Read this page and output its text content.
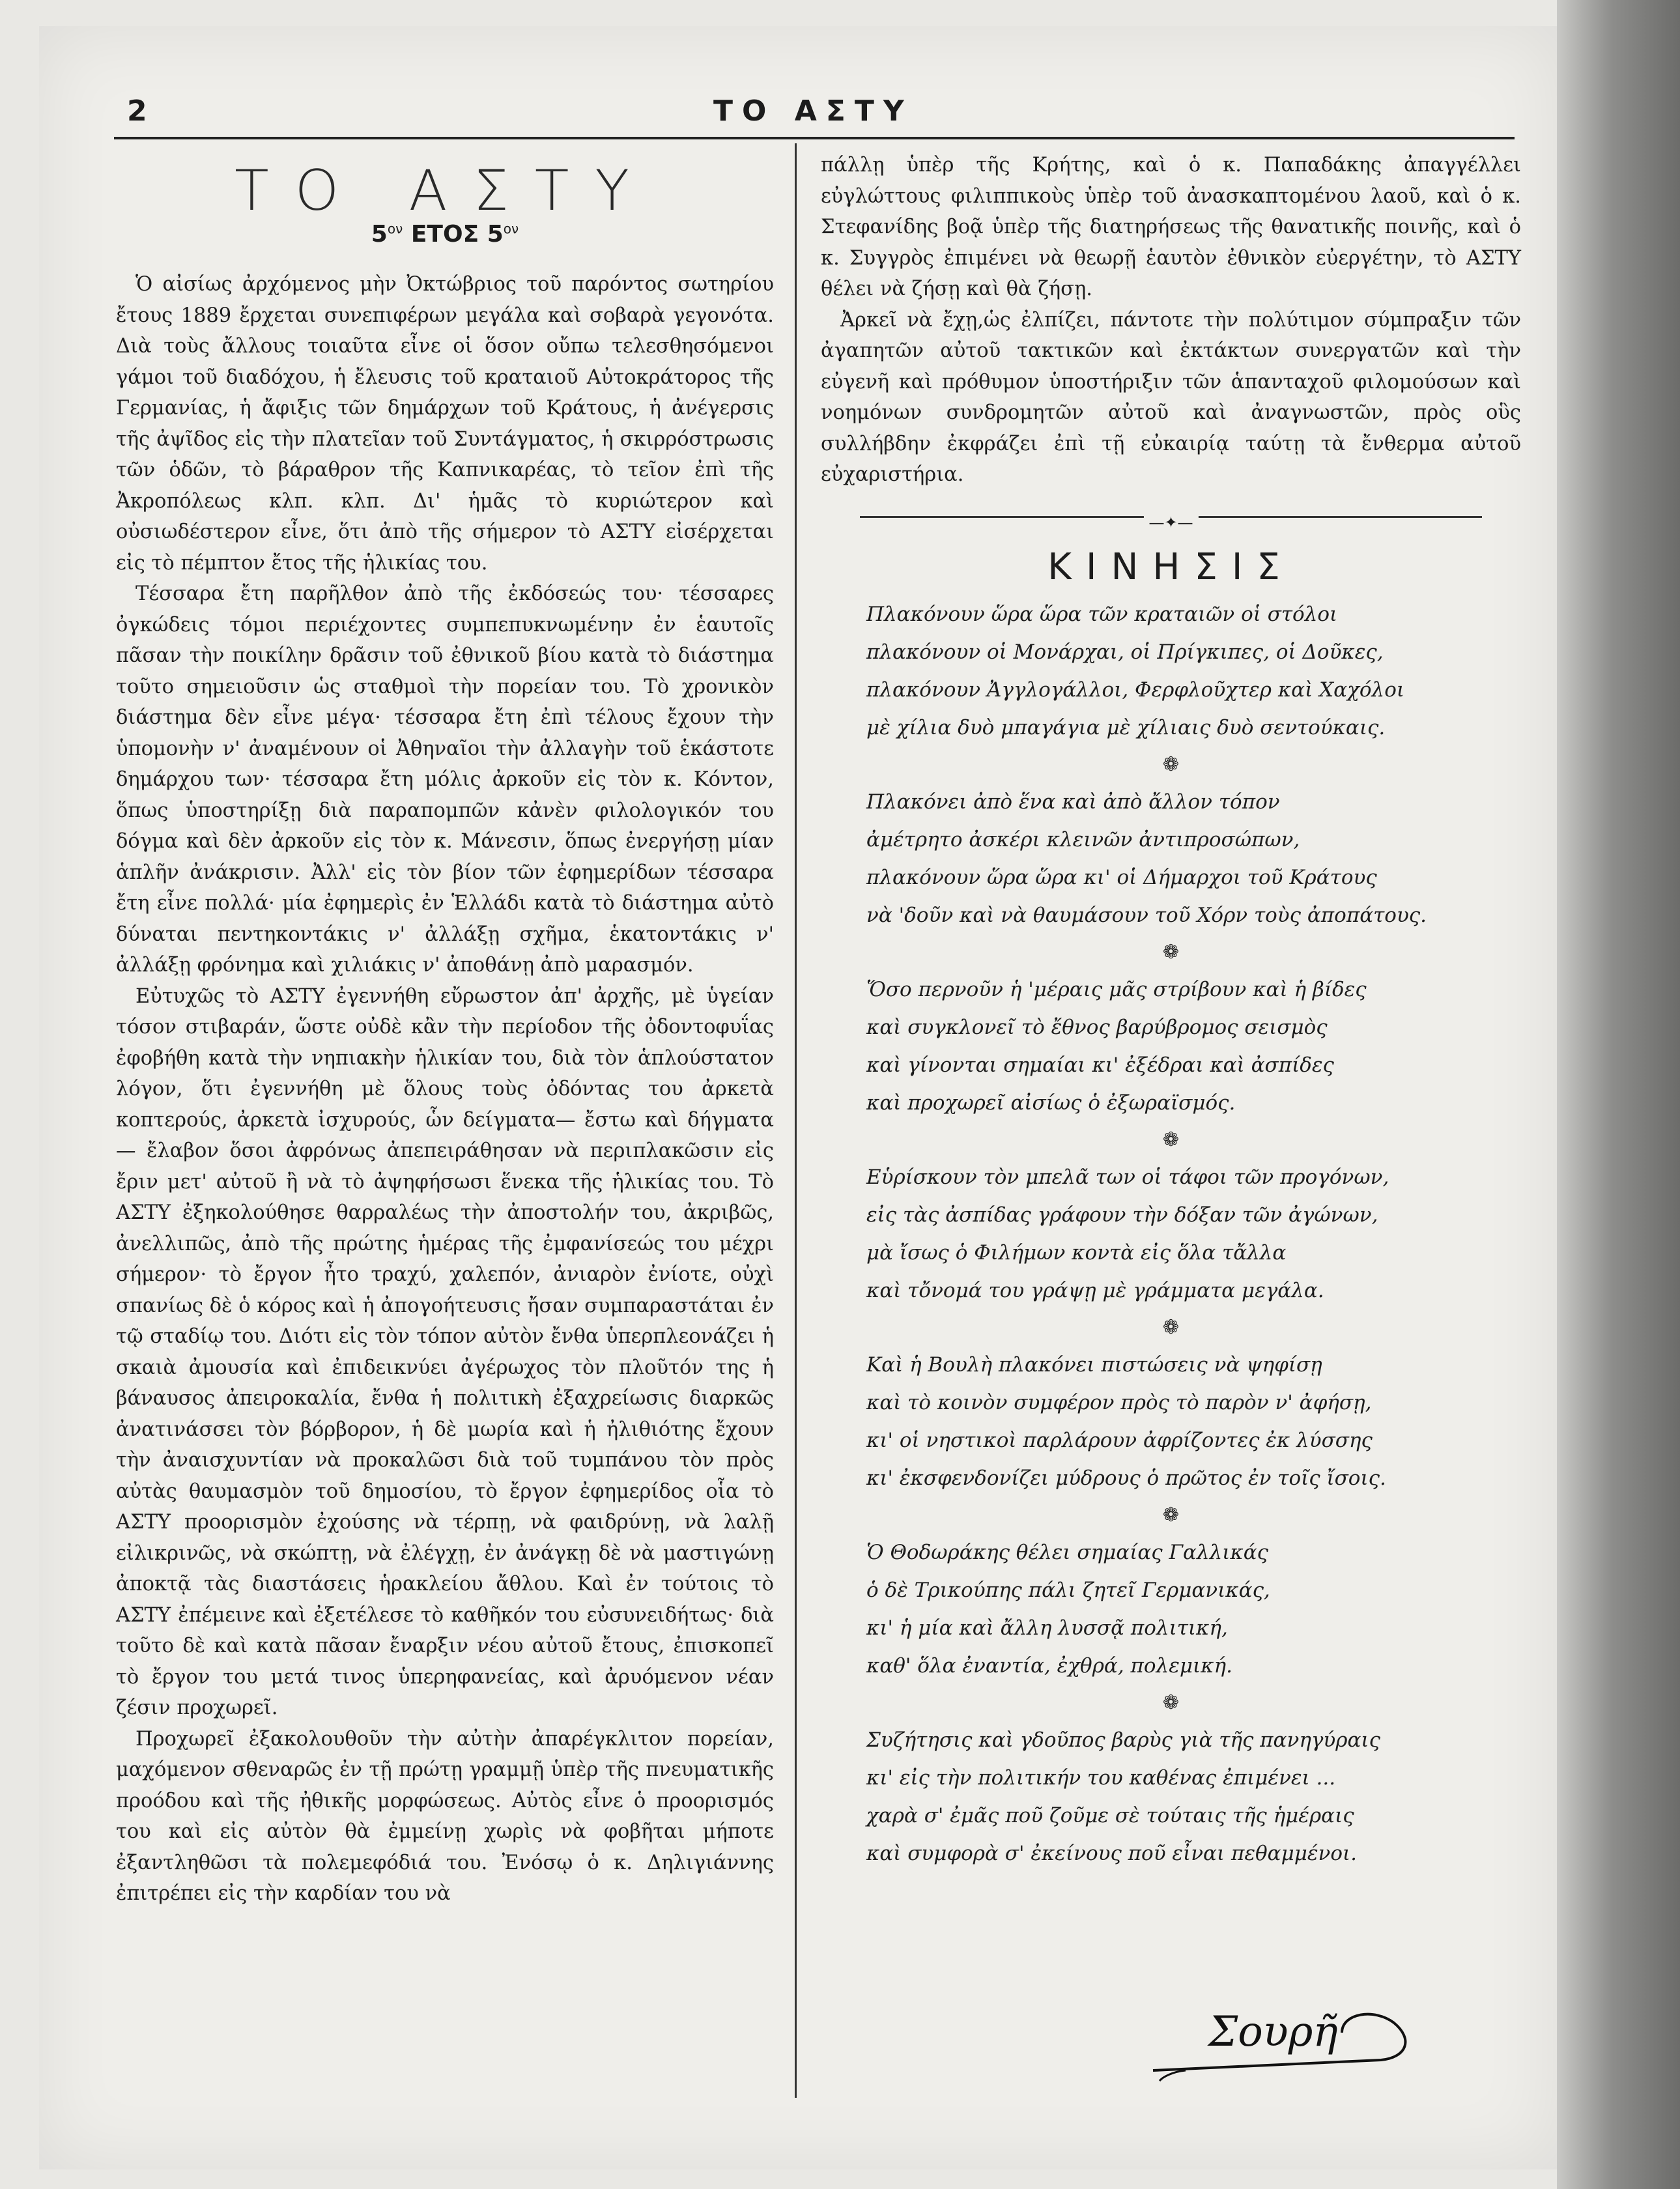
2	ΤΟ ΑΣΤΥ
ΤΟ ΑΣΤΥ
$5^{o\nu}$ ΕΤΟΣ $5^{o\nu}$

Ὁ αἰσίως ἀρχόμενος μὴν Ὀκτώβριος τοῦ παρόντος σωτηρίου ἔτους 1889 ἔρχεται συνεπιφέρων μεγάλα καὶ σοβαρὰ γεγονότα. Διὰ τοὺς ἄλλους τοιαῦτα εἶνε οἱ ὅσον οὔπω τελεσθησόμενοι γάμοι τοῦ διαδόχου, ἡ ἔλευσις τοῦ κραταιοῦ Αὐτοκράτορος τῆς Γερμανίας, ἡ ἄφιξις τῶν δημάρχων τοῦ Κράτους, ἡ ἀνέγερσις τῆς ἀψῖδος εἰς τὴν πλατεῖαν τοῦ Συντάγματος, ἡ σκιρρόστρωσις τῶν ὁδῶν, τὸ βάραθρον τῆς Καπνικαρέας, τὸ τεῖον ἐπὶ τῆς Ἀκροπόλεως κλπ. κλπ. Δι' ἡμᾶς τὸ κυριώτερον καὶ οὐσιωδέστερον εἶνε, ὅτι ἀπὸ τῆς σήμερον τὸ ΑΣΤΥ εἰσέρχεται εἰς τὸ πέμπτον ἔτος τῆς ἡλικίας του.

Τέσσαρα ἔτη παρῆλθον ἀπὸ τῆς ἐκδόσεώς του· τέσσαρες ὀγκώδεις τόμοι περιέχοντες συμπεπυκνωμένην ἐν ἑαυτοῖς πᾶσαν τὴν ποικίλην δρᾶσιν τοῦ ἐθνικοῦ βίου κατὰ τὸ διάστημα τοῦτο σημειοῦσιν ὡς σταθμοὶ τὴν πορείαν του. Τὸ χρονικὸν διάστημα δὲν εἶνε μέγα· τέσσαρα ἔτη ἐπὶ τέλους ἔχουν τὴν ὑπομονὴν ν' ἀναμένουν οἱ Ἀθηναῖοι τὴν ἀλλαγὴν τοῦ ἑκάστοτε δημάρχου των· τέσσαρα ἔτη μόλις ἀρκοῦν εἰς τὸν κ. Κόντον, ὅπως ὑποστηρίξῃ διὰ παραπομπῶν κἀνὲν φιλολογικόν του δόγμα καὶ δὲν ἀρκοῦν εἰς τὸν κ. Μάνεσιν, ὅπως ἐνεργήσῃ μίαν ἁπλῆν ἀνάκρισιν. Ἀλλ' εἰς τὸν βίον τῶν ἐφημερίδων τέσσαρα ἔτη εἶνε πολλά· μία ἐφημερὶς ἐν Ἑλλάδι κατὰ τὸ διάστημα αὐτὸ δύναται πεντηκοντάκις ν' ἀλλάξῃ σχῆμα, ἑκατοντάκις ν' ἀλλάξῃ φρόνημα καὶ χιλιάκις ν' ἀποθάνῃ ἀπὸ μαρασμόν.

Εὐτυχῶς τὸ ΑΣΤΥ ἐγεννήθη εὔρωστον ἀπ' ἀρχῆς, μὲ ὑγείαν τόσον στιβαράν, ὥστε οὐδὲ κἂν τὴν περίοδον τῆς ὀδοντοφυΐας ἐφοβήθη κατὰ τὴν νηπιακὴν ἡλικίαν του, διὰ τὸν ἁπλούστατον λόγον, ὅτι ἐγεννήθη μὲ ὅλους τοὺς ὀδόντας του ἀρκετὰ κοπτερούς, ἀρκετὰ ἰσχυρούς, ὧν δείγματα— ἔστω καὶ δήγματα — ἔλαβον ὅσοι ἀφρόνως ἀπεπειράθησαν νὰ περιπλακῶσιν εἰς ἔριν μετ' αὐτοῦ ἢ νὰ τὸ ἀψηφήσωσι ἕνεκα τῆς ἡλικίας του. Τὸ ΑΣΤΥ ἐξηκολούθησε θαρραλέως τὴν ἀποστολήν του, ἀκριβῶς, ἀνελλιπῶς, ἀπὸ τῆς πρώτης ἡμέρας τῆς ἐμφανίσεώς του μέχρι σήμερον· τὸ ἔργον ἦτο τραχύ, χαλεπόν, ἀνιαρὸν ἐνίοτε, οὐχὶ σπανίως δὲ ὁ κόρος καὶ ἡ ἀπογοήτευσις ἤσαν συμπαραστάται ἐν τῷ σταδίῳ του. Διότι εἰς τὸν τόπον αὐτὸν ἔνθα ὑπερπλεονάζει ἡ σκαιὰ ἀμουσία καὶ ἐπιδεικνύει ἀγέρωχος τὸν πλοῦτόν της ἡ βάναυσος ἀπειροκαλία, ἔνθα ἡ πολιτικὴ ἐξαχρείωσις διαρκῶς ἀνατινάσσει τὸν βόρβορον, ἡ δὲ μωρία καὶ ἡ ἠλιθιότης ἔχουν τὴν ἀναισχυντίαν νὰ προκαλῶσι διὰ τοῦ τυμπάνου τὸν πρὸς αὐτὰς θαυμασμὸν τοῦ δημοσίου, τὸ ἔργον ἐφημερίδος οἷα τὸ ΑΣΤΥ προορισμὸν ἐχούσης νὰ τέρπῃ, νὰ φαιδρύνῃ, νὰ λαλῇ εἰλικρινῶς, νὰ σκώπτῃ, νὰ ἐλέγχῃ, ἐν ἀνάγκῃ δὲ νὰ μαστιγώνῃ ἀποκτᾷ τὰς διαστάσεις ἡρακλείου ἄθλου. Καὶ ἐν τούτοις τὸ ΑΣΤΥ ἐπέμεινε καὶ ἐξετέλεσε τὸ καθῆκόν του εὐσυνειδήτως· διὰ τοῦτο δὲ καὶ κατὰ πᾶσαν ἔναρξιν νέου αὐτοῦ ἔτους, ἐπισκοπεῖ τὸ ἔργον του μετά τινος ὑπερηφανείας, καὶ ἀρυόμενον νέαν ζέσιν προχωρεῖ.

Προχωρεῖ ἐξακολουθοῦν τὴν αὐτὴν ἀπαρέγκλιτον πορείαν, μαχόμενον σθεναρῶς ἐν τῇ πρώτῃ γραμμῇ ὑπὲρ τῆς πνευματικῆς προόδου καὶ τῆς ἠθικῆς μορφώσεως. Αὐτὸς εἶνε ὁ προορισμός του καὶ εἰς αὐτὸν θὰ ἐμμείνῃ χωρὶς νὰ φοβῆται μήποτε ἐξαντληθῶσι τὰ πολεμεφόδιά του. Ἐνόσῳ ὁ κ. Δηλιγιάννης ἐπιτρέπει εἰς τὴν καρδίαν του νὰ

πάλλῃ ὑπὲρ τῆς Κρήτης, καὶ ὁ κ. Παπαδάκης ἀπαγγέλλει εὐγλώττους φιλιππικοὺς ὑπὲρ τοῦ ἀνασκαπτομένου λαοῦ, καὶ ὁ κ. Στεφανίδης βοᾷ ὑπὲρ τῆς διατηρήσεως τῆς θανατικῆς ποινῆς, καὶ ὁ κ. Συγγρὸς ἐπιμένει νὰ θεωρῇ ἑαυτὸν ἐθνικὸν εὐεργέτην, τὸ ΑΣΤΥ θέλει νὰ ζήσῃ καὶ θὰ ζήσῃ.

Ἀρκεῖ νὰ ἔχῃ,ὡς ἐλπίζει, πάντοτε τὴν πολύτιμον σύμπραξιν τῶν ἀγαπητῶν αὐτοῦ τακτικῶν καὶ ἐκτάκτων συνεργατῶν καὶ τὴν εὐγενῆ καὶ πρόθυμον ὑποστήριξιν τῶν ἁπανταχοῦ φιλομούσων καὶ νοημόνων συνδρομητῶν αὐτοῦ καὶ ἀναγνωστῶν, πρὸς οὓς συλλήβδην ἐκφράζει ἐπὶ τῇ εὐκαιρίᾳ ταύτῃ τὰ ἔνθερμα αὐτοῦ εὐχαριστήρια.

—✦—
ΚΙΝΗΣΙΣ
Πλακόνουν ὥρα ὥρα τῶν κραταιῶν οἱ στόλοι
πλακόνουν οἱ Μονάρχαι, οἱ Πρίγκιπες, οἱ Δοῦκες,
πλακόνουν Ἀγγλογάλλοι, Φερφλοῦχτερ καὶ Χαχόλοι
μὲ χίλια δυὸ μπαγάγια μὲ χίλιαις δυὸ σεντούκαις.
❁
Πλακόνει ἀπὸ ἕνα καὶ ἀπὸ ἄλλον τόπον
ἀμέτρητο ἀσκέρι κλεινῶν ἀντιπροσώπων,
πλακόνουν ὥρα ὥρα κι' οἱ Δήμαρχοι τοῦ Κράτους
νὰ 'δοῦν καὶ νὰ θαυμάσουν τοῦ Χόρν τοὺς ἀποπάτους.
❁
Ὅσο περνοῦν ἡ 'μέραις μᾶς στρίβουν καὶ ἡ βίδες
καὶ συγκλονεῖ τὸ ἔθνος βαρύβρομος σεισμὸς
καὶ γίνονται σημαίαι κι' ἐξέδραι καὶ ἀσπίδες
καὶ προχωρεῖ αἰσίως ὁ ἐξωραϊσμός.
❁
Εὑρίσκουν τὸν μπελᾶ των οἱ τάφοι τῶν προγόνων,
εἰς τὰς ἀσπίδας γράφουν τὴν δόξαν τῶν ἀγώνων,
μὰ ἴσως ὁ Φιλήμων κοντὰ εἰς ὅλα τἄλλα
καὶ τὄνομά του γράψῃ μὲ γράμματα μεγάλα.
❁
Καὶ ἡ Βουλὴ πλακόνει πιστώσεις νὰ ψηφίσῃ
καὶ τὸ κοινὸν συμφέρον πρὸς τὸ παρὸν ν' ἀφήσῃ,
κι' οἱ νηστικοὶ παρλάρουν ἀφρίζοντες ἐκ λύσσης
κι' ἐκσφενδονίζει μύδρους ὁ πρῶτος ἐν τοῖς ἴσοις.
❁
Ὁ Θοδωράκης θέλει σημαίας Γαλλικάς
ὁ δὲ Τρικούπης πάλι ζητεῖ Γερμανικάς,
κι' ἡ μία καὶ ἄλλη λυσσᾷ πολιτική,
καθ' ὅλα ἐναντία, ἐχθρά, πολεμική.
❁
Συζήτησις καὶ γδοῦπος βαρὺς γιὰ τῆς πανηγύραις
κι' εἰς τὴν πολιτικήν του καθένας ἐπιμένει ...
χαρὰ σ' ἐμᾶς ποῦ ζοῦμε σὲ τούταις τῆς ἡμέραις
καὶ συμφορὰ σ' ἐκείνους ποῦ εἶναι πεθαμμένοι.
Σουρῆ
